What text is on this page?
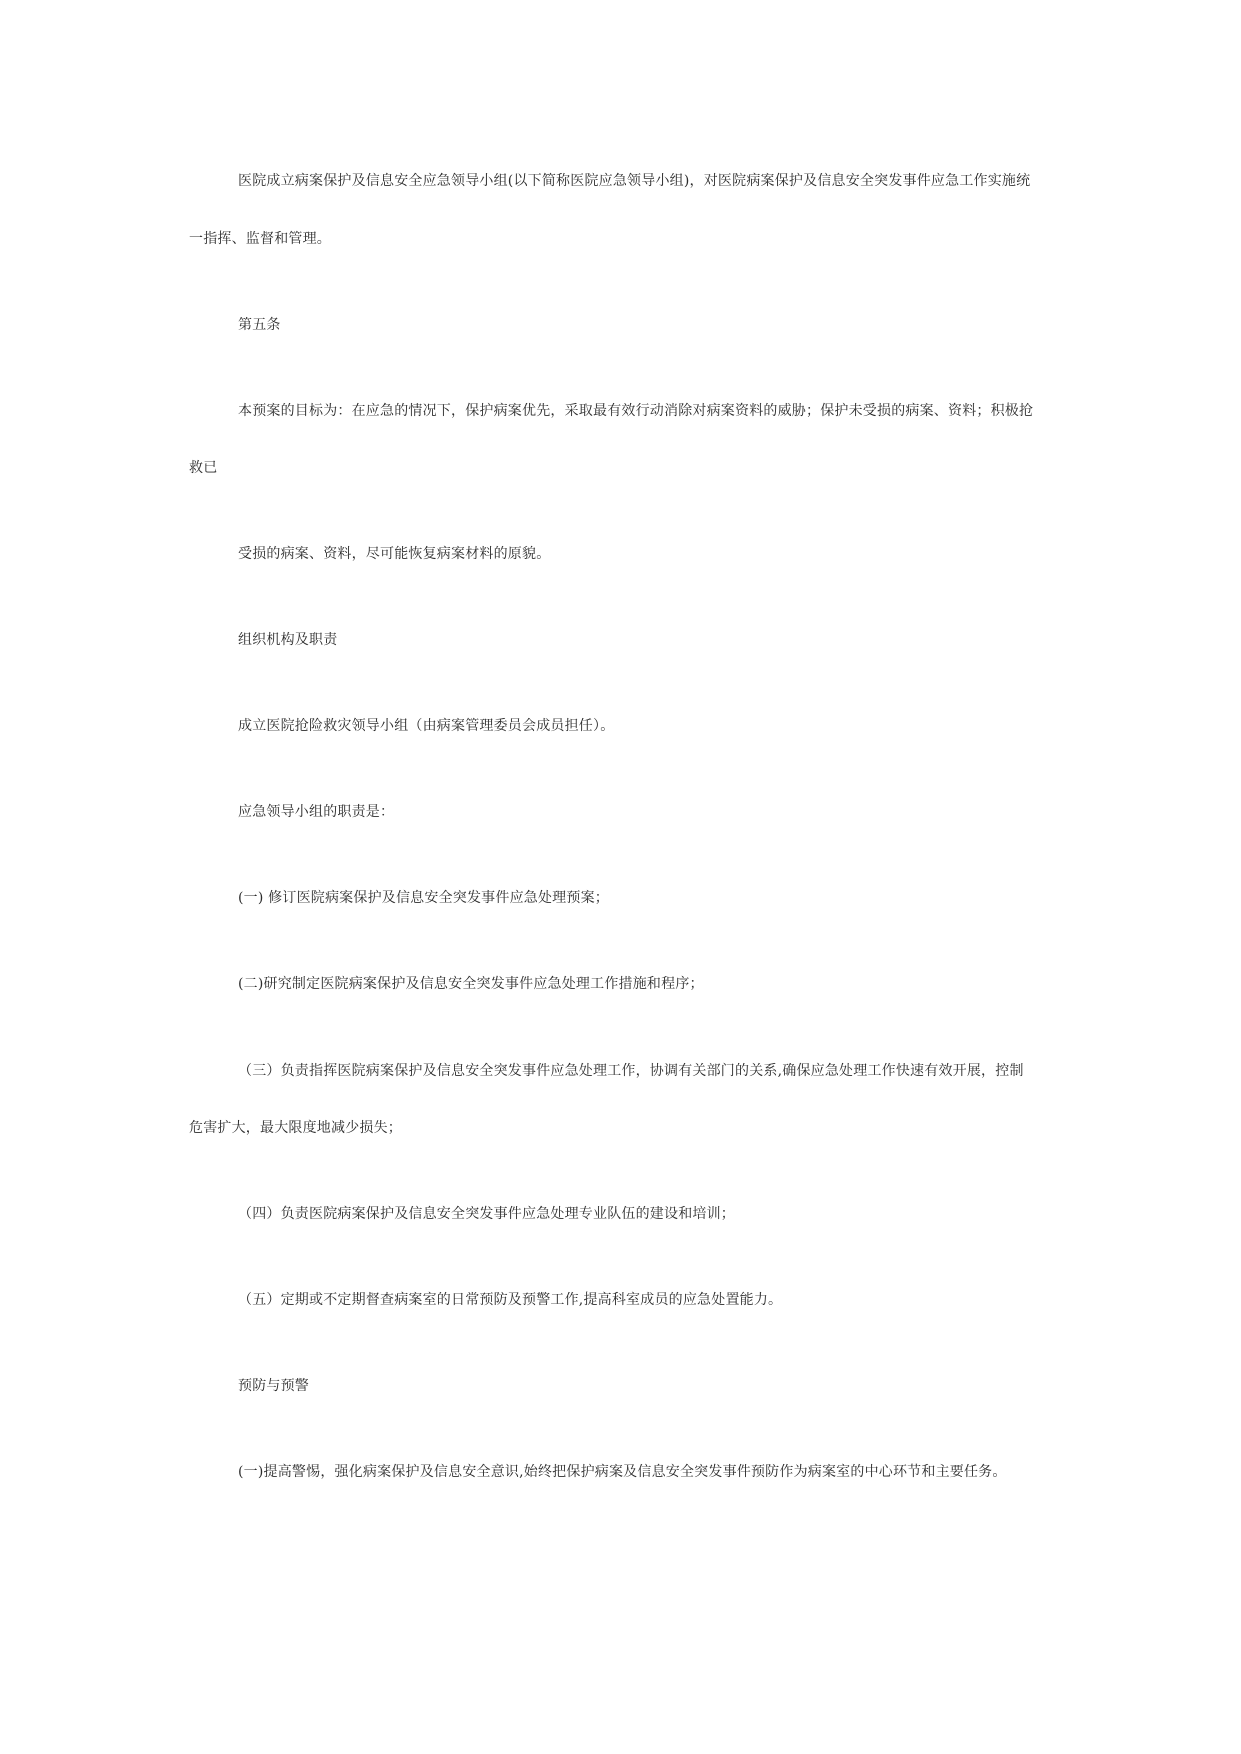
医院成立病案保护及信息安全应急领导小组(以下简称医院应急领导小组)，对医院病案保护及信息安全突发事件应急工作实施统
一指挥、监督和管理。
第五条
本预案的目标为：在应急的情况下，保护病案优先，采取最有效行动消除对病案资料的威胁；保护未受损的病案、资料；积极抢
救已
受损的病案、资料，尽可能恢复病案材料的原貌。
组织机构及职责
成立医院抢险救灾领导小组（由病案管理委员会成员担任）。
应急领导小组的职责是：
(一) 修订医院病案保护及信息安全突发事件应急处理预案；
(二)研究制定医院病案保护及信息安全突发事件应急处理工作措施和程序；
（三）负责指挥医院病案保护及信息安全突发事件应急处理工作，协调有关部门的关系,确保应急处理工作快速有效开展，控制
危害扩大，最大限度地减少损失；
（四）负责医院病案保护及信息安全突发事件应急处理专业队伍的建设和培训；
（五）定期或不定期督查病案室的日常预防及预警工作,提高科室成员的应急处置能力。
预防与预警
(一)提高警惕，强化病案保护及信息安全意识,始终把保护病案及信息安全突发事件预防作为病案室的中心环节和主要任务。
